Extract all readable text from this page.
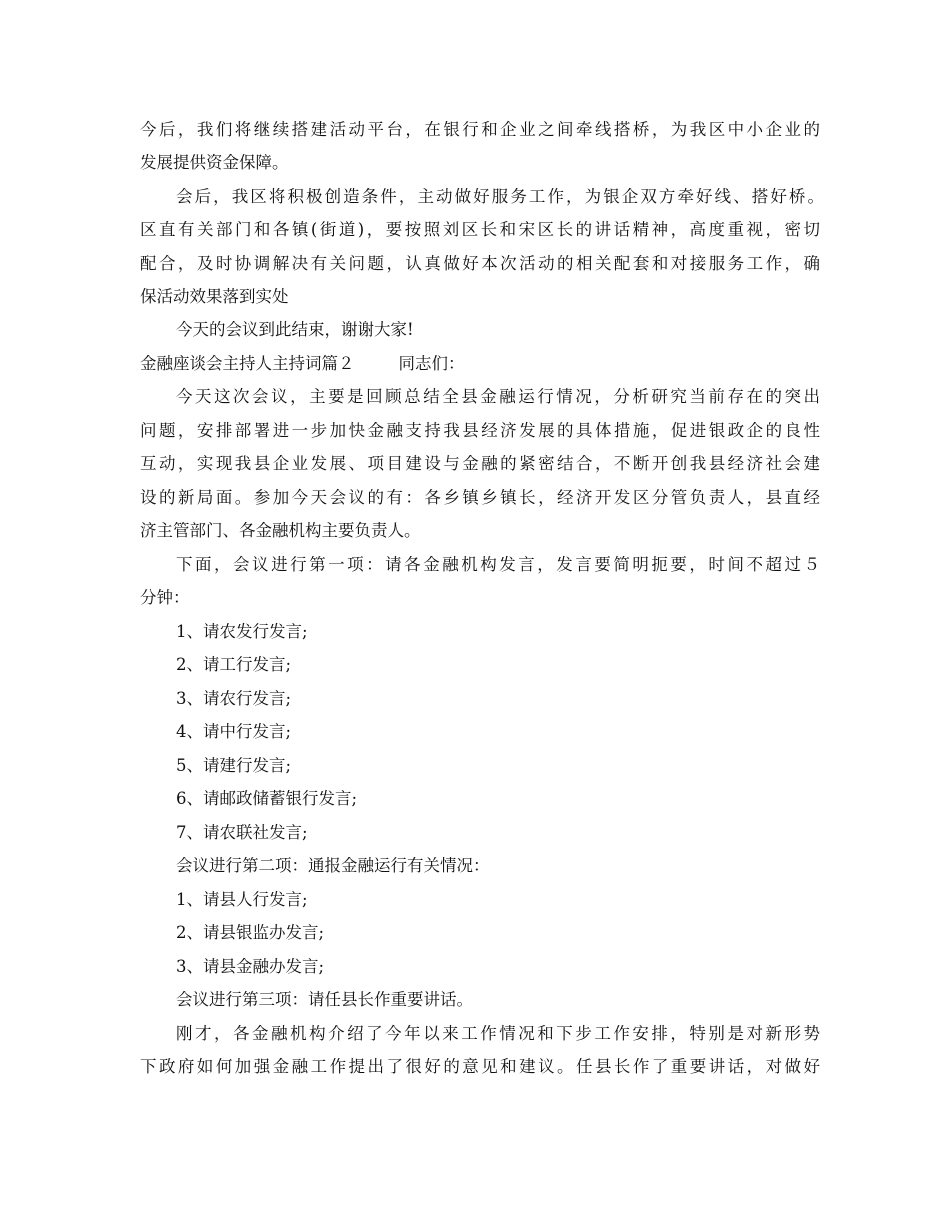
今后，我们将继续搭建活动平台，在银行和企业之间牵线搭桥，为我区中小企业的
发展提供资金保障。
会后，我区将积极创造条件，主动做好服务工作，为银企双方牵好线、搭好桥。
区直有关部门和各镇(街道)，要按照刘区长和宋区长的讲话精神，高度重视，密切
配合，及时协调解决有关问题，认真做好本次活动的相关配套和对接服务工作，确
保活动效果落到实处
今天的会议到此结束，谢谢大家!
金融座谈会主持人主持词篇２	同志们：
今天这次会议，主要是回顾总结全县金融运行情况，分析研究当前存在的突出
问题，安排部署进一步加快金融支持我县经济发展的具体措施，促进银政企的良性
互动，实现我县企业发展、项目建设与金融的紧密结合，不断开创我县经济社会建
设的新局面。参加今天会议的有：各乡镇乡镇长，经济开发区分管负责人，县直经
济主管部门、各金融机构主要负责人。
下面，会议进行第一项：请各金融机构发言，发言要简明扼要，时间不超过５
分钟：
1、请农发行发言;
2、请工行发言;
3、请农行发言;
4、请中行发言;
5、请建行发言;
6、请邮政储蓄银行发言;
7、请农联社发言;
会议进行第二项：通报金融运行有关情况：
1、请县人行发言;
2、请县银监办发言;
3、请县金融办发言;
会议进行第三项：请任县长作重要讲话。
刚才，各金融机构介绍了今年以来工作情况和下步工作安排，特别是对新形势
下政府如何加强金融工作提出了很好的意见和建议。任县长作了重要讲话，对做好
